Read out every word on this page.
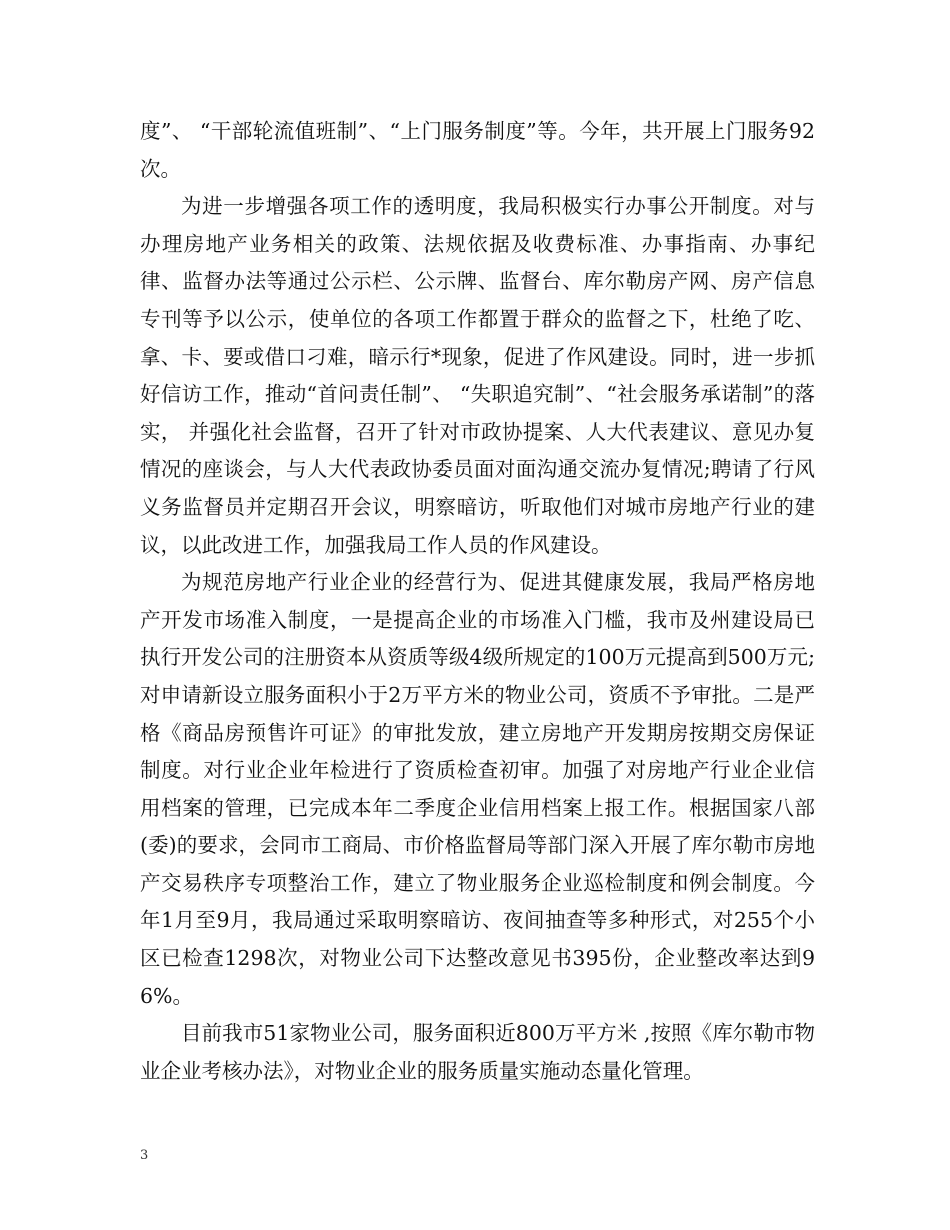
度”、 “干部轮流值班制”、“上门服务制度”等。今年，共开展上门服务92次。

为进一步增强各项工作的透明度，我局积极实行办事公开制度。对与办理房地产业务相关的政策、法规依据及收费标准、办事指南、办事纪律、监督办法等通过公示栏、公示牌、监督台、库尔勒房产网、房产信息专刊等予以公示，使单位的各项工作都置于群众的监督之下，杜绝了吃、拿、卡、要或借口刁难，暗示行*现象，促进了作风建设。同时，进一步抓好信访工作，推动“首问责任制”、 “失职追究制”、“社会服务承诺制”的落实， 并强化社会监督，召开了针对市政协提案、人大代表建议、意见办复情况的座谈会，与人大代表政协委员面对面沟通交流办复情况;聘请了行风义务监督员并定期召开会议，明察暗访，听取他们对城市房地产行业的建议，以此改进工作，加强我局工作人员的作风建设。

为规范房地产行业企业的经营行为、促进其健康发展，我局严格房地产开发市场准入制度，一是提高企业的市场准入门槛，我市及州建设局已执行开发公司的注册资本从资质等级4级所规定的100万元提高到500万元;对申请新设立服务面积小于2万平方米的物业公司，资质不予审批。二是严格《商品房预售许可证》的审批发放，建立房地产开发期房按期交房保证制度。对行业企业年检进行了资质检查初审。加强了对房地产行业企业信用档案的管理，已完成本年二季度企业信用档案上报工作。根据国家八部(委)的要求，会同市工商局、市价格监督局等部门深入开展了库尔勒市房地产交易秩序专项整治工作，建立了物业服务企业巡检制度和例会制度。今年1月至9月，我局通过采取明察暗访、夜间抽查等多种形式，对255个小区已检查1298次，对物业公司下达整改意见书395份，企业整改率达到96%。

目前我市51家物业公司，服务面积近800万平方米 ,按照《库尔勒市物业企业考核办法》，对物业企业的服务质量实施动态量化管理。

3
